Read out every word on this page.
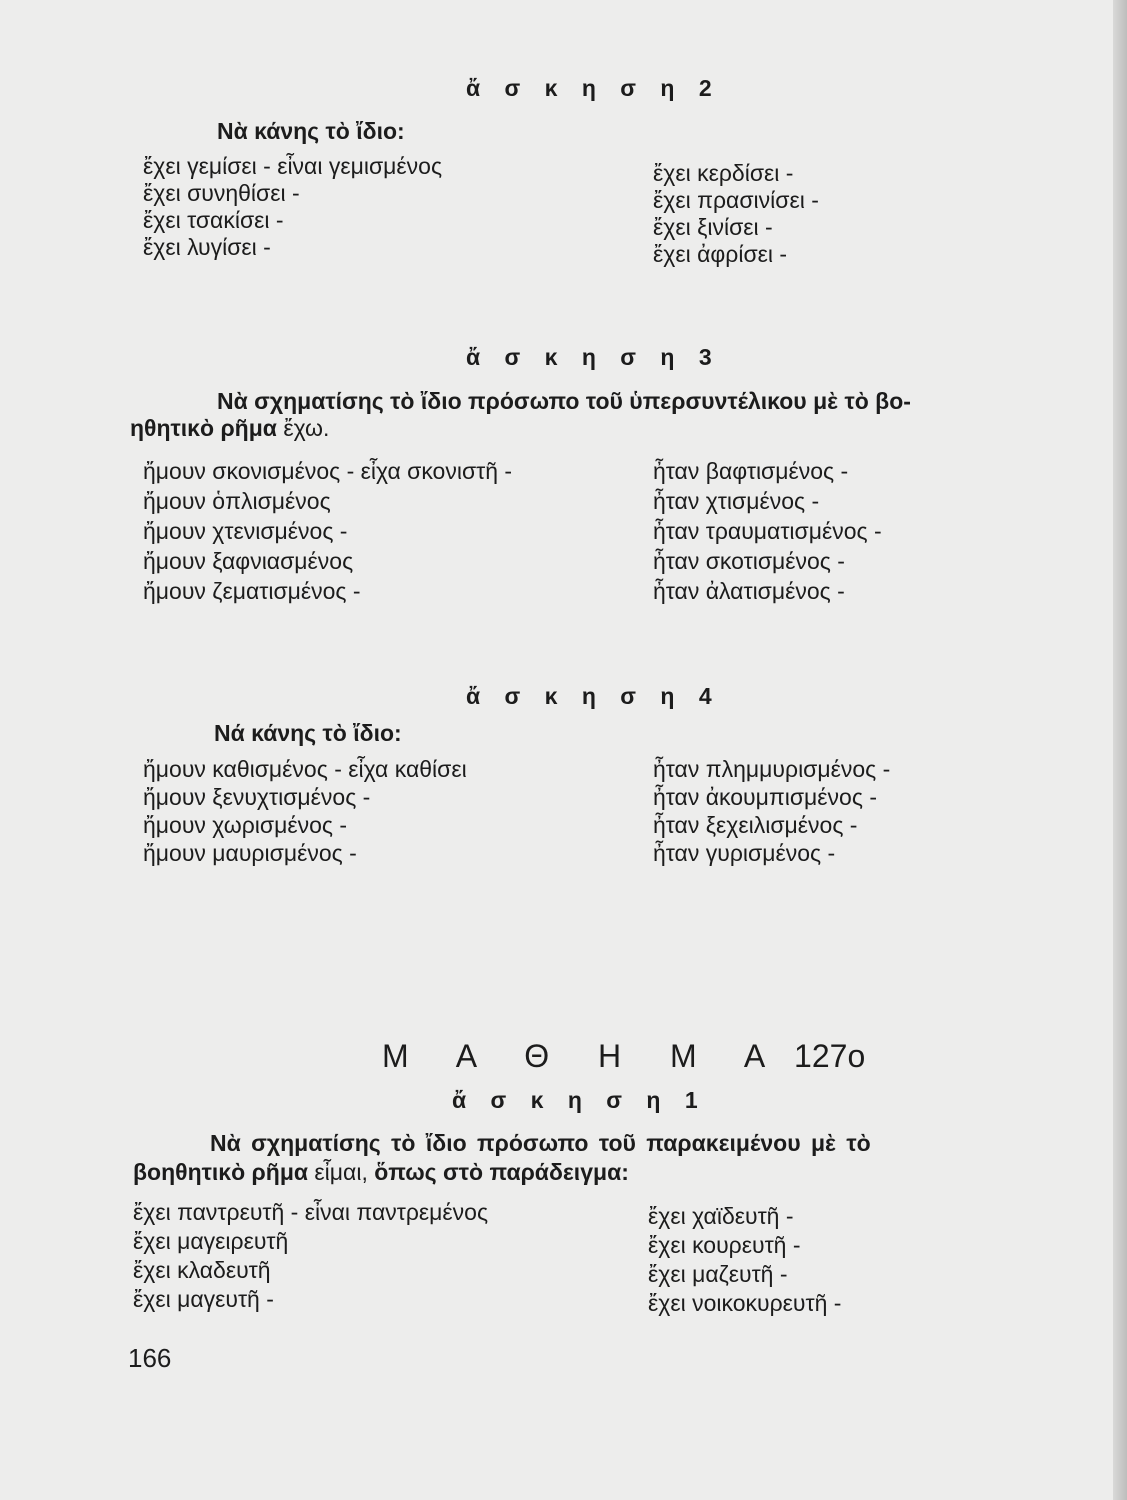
ἄ σ κ η σ η 2
Νὰ κάνης τὸ ἴδιο:
ἔχει γεμίσει - εἶναι γεμισμένος
ἔχει συνηθίσει -
ἔχει τσακίσει -
ἔχει λυγίσει -
ἔχει κερδίσει -
ἔχει πρασινίσει -
ἔχει ξινίσει -
ἔχει ἀφρίσει -
ἄ σ κ η σ η 3
Νὰ σχηματίσης τὸ ἴδιο πρόσωπο τοῦ ὑπερσυντέλικου μὲ τὸ βο-
ηθητικὸ ρῆμα ἔχω.
ἤμουν σκονισμένος - εἶχα σκονιστῆ -
ἤμουν ὁπλισμένος
ἤμουν χτενισμένος -
ἤμουν ξαφνιασμένος
ἤμουν ζεματισμένος -
ἦταν βαφτισμένος -
ἦταν χτισμένος -
ἦταν τραυματισμένος -
ἦταν σκοτισμένος -
ἦταν ἀλατισμένος -
ἄ σ κ η σ η 4
Νά κάνης τὸ ἴδιο:
ἤμουν καθισμένος - εἶχα καθίσει
ἤμουν ξενυχτισμένος -
ἤμουν χωρισμένος -
ἤμουν μαυρισμένος -
ἦταν πλημμυρισμένος -
ἦταν ἀκουμπισμένος -
ἦταν ξεχειλισμένος -
ἦταν γυρισμένος -
Μ Α Θ Η Μ Α 127ο
ἄ σ κ η σ η 1
Νὰ σχηματίσης τὸ ἴδιο πρόσωπο τοῦ παρακειμένου μὲ τὸ
βοηθητικὸ ρῆμα εἶμαι, ὅπως στὸ παράδειγμα:
ἔχει παντρευτῆ - εἶναι παντρεμένος
ἔχει μαγειρευτῆ
ἔχει κλαδευτῆ
ἔχει μαγευτῆ -
ἔχει χαϊδευτῆ -
ἔχει κουρευτῆ -
ἔχει μαζευτῆ -
ἔχει νοικοκυρευτῆ -
166
